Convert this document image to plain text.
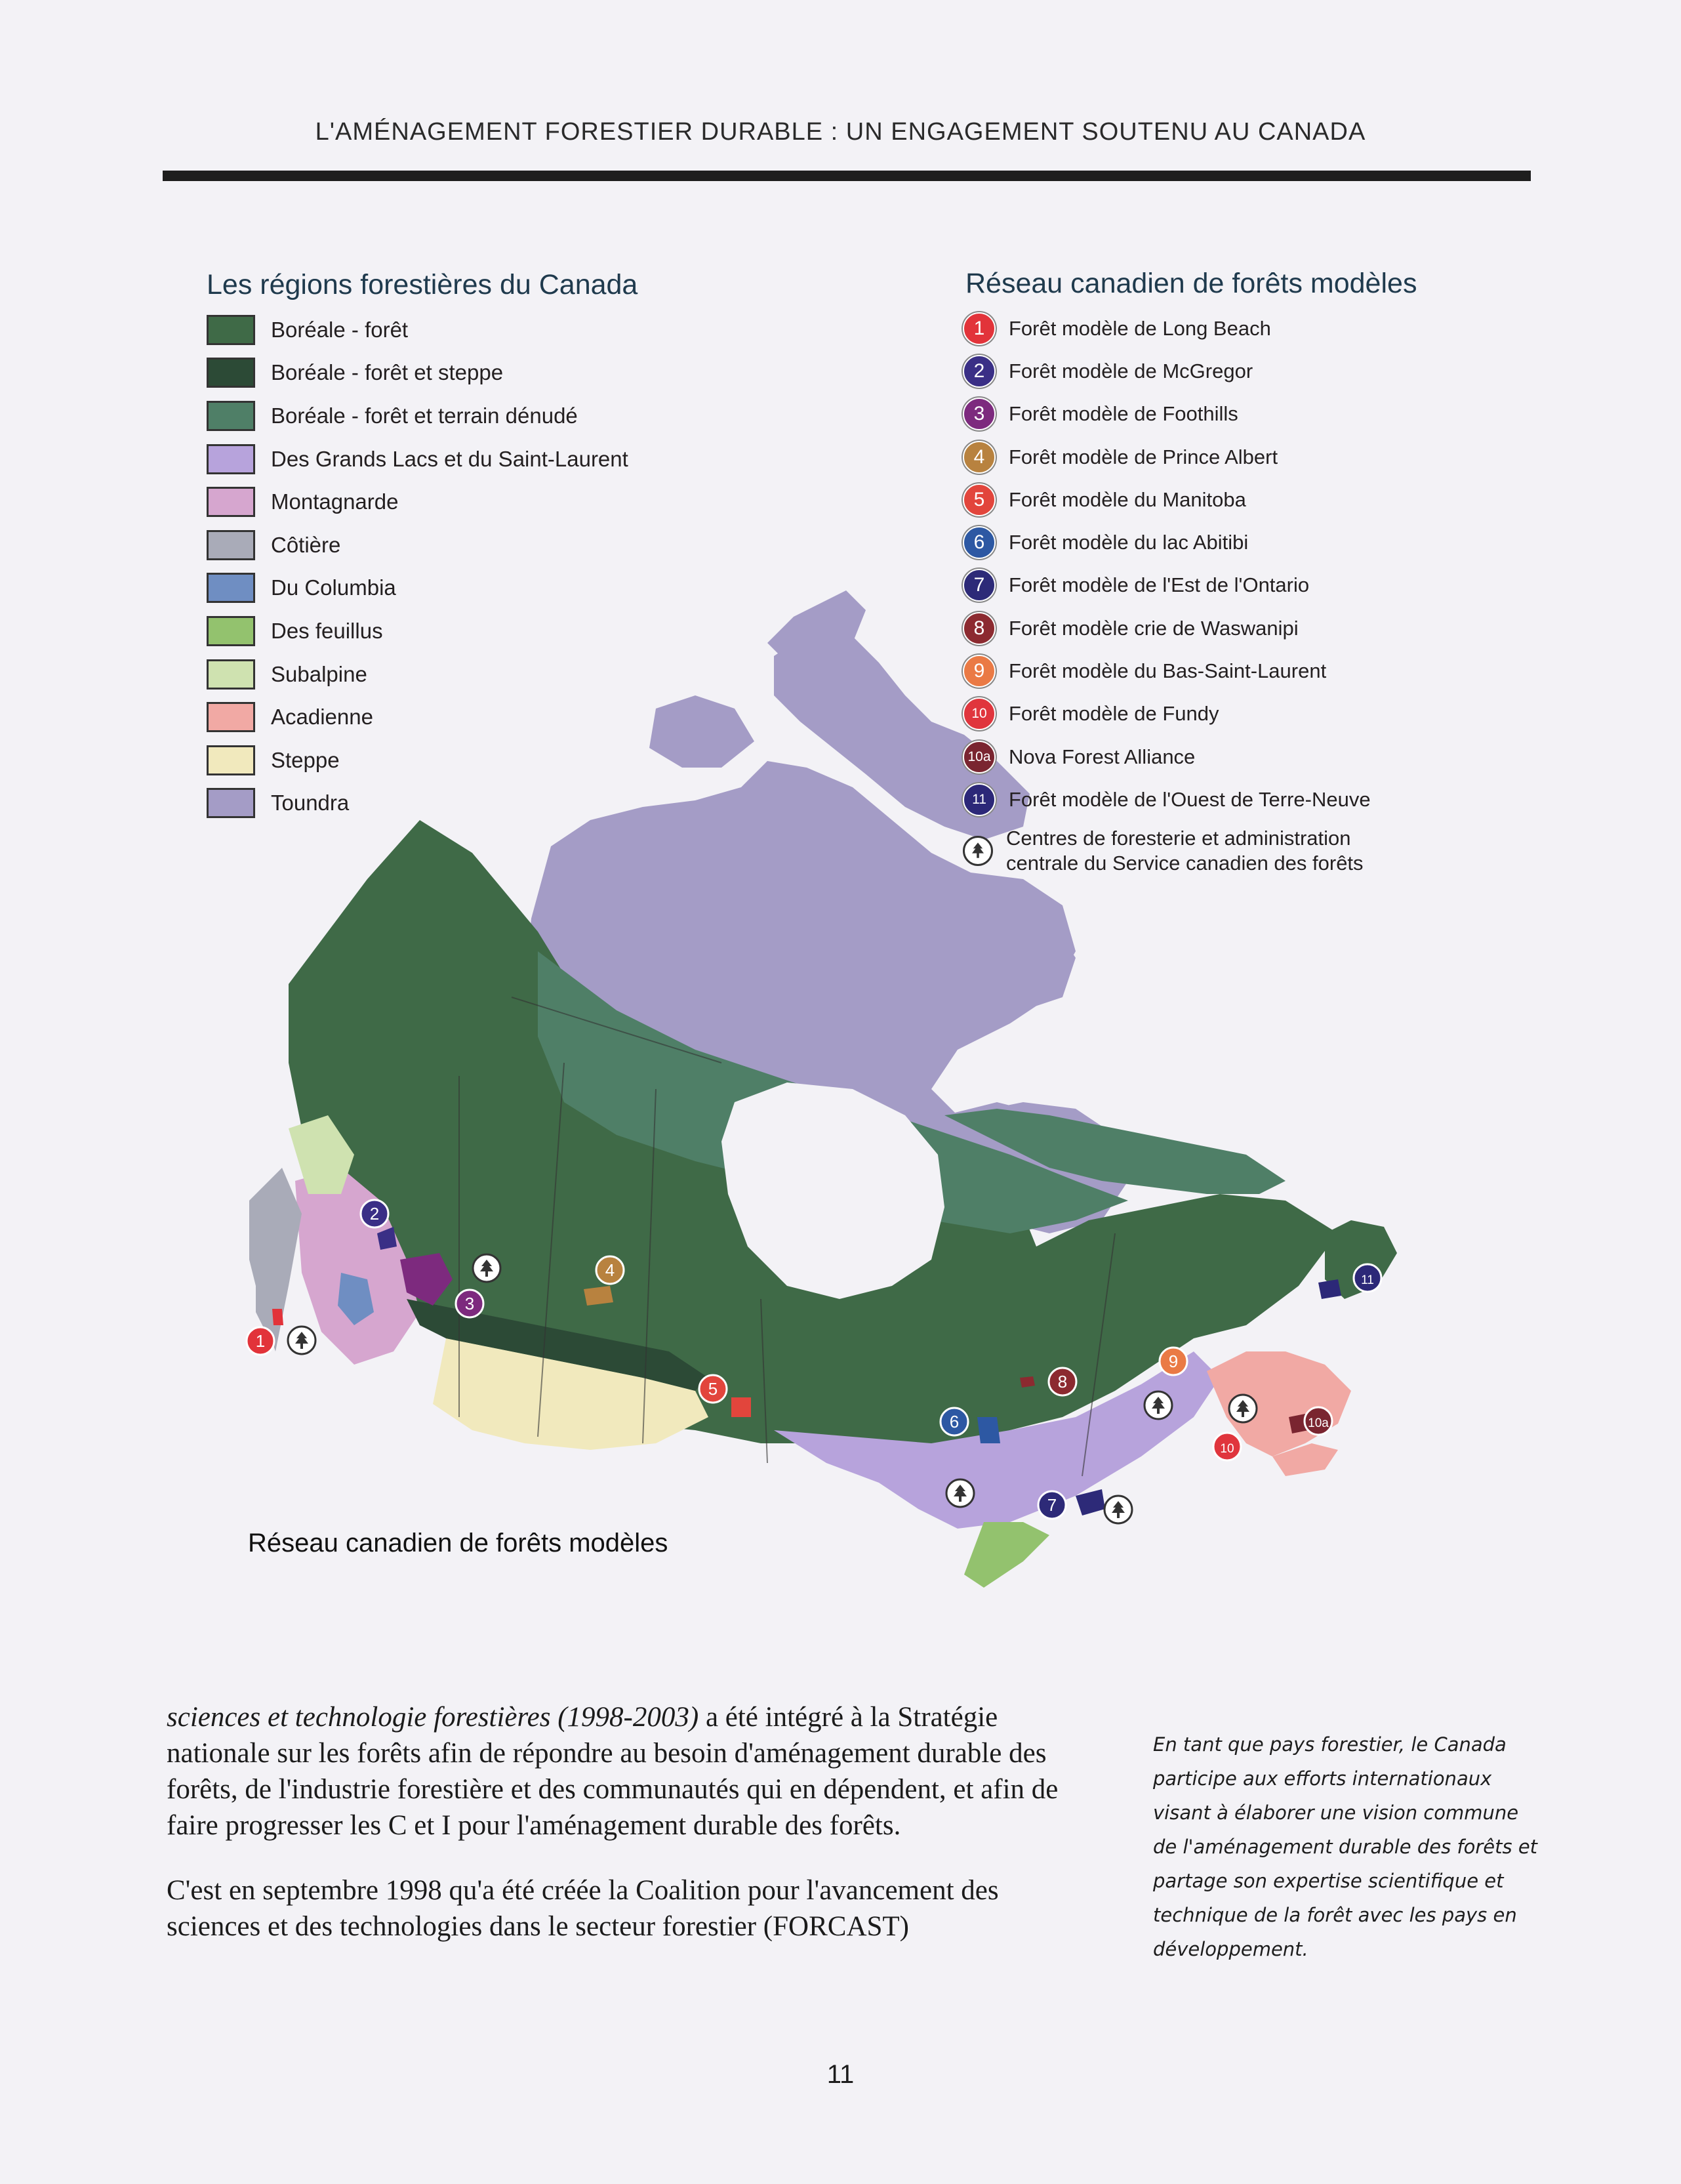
L'AMÉNAGEMENT FORESTIER DURABLE : UN ENGAGEMENT SOUTENU AU CANADA
1
2
3
4
5
6
7
8
9
10
10a
11
Les régions forestières du Canada
Boréale - forêt
Boréale - forêt et steppe
Boréale - forêt et terrain dénudé
Des Grands Lacs et du Saint-Laurent
Montagnarde
Côtière
Du Columbia
Des feuillus
Subalpine
Acadienne
Steppe
Toundra
Réseau canadien de forêts modèles
1	Forêt modèle de Long Beach
2	Forêt modèle de McGregor
3	Forêt modèle de Foothills
4	Forêt modèle de Prince Albert
5	Forêt modèle du Manitoba
6	Forêt modèle du lac Abitibi
7	Forêt modèle de l'Est de l'Ontario
8	Forêt modèle crie de Waswanipi
9	Forêt modèle du Bas-Saint-Laurent
10	Forêt modèle de Fundy
10a Nova Forest Alliance
11	Forêt modèle de l'Ouest de Terre-Neuve
Centres de foresterie et administration
centrale du Service canadien des forêts
Réseau canadien de forêts modèles

sciences et technologie forestières (1998-2003) a été intégré à la Stratégie nationale sur les forêts afin de répondre au besoin d'aménagement durable des forêts, de l'industrie forestière et des communautés qui en dépendent, et afin de faire progresser les C et I pour l'aménagement durable des forêts.

C'est en septembre 1998 qu'a été créée la Coalition pour l'avancement des sciences et des technologies dans le secteur forestier (FORCAST)

En tant que pays forestier, le Canada participe aux efforts internationaux visant à élaborer une vision commune de l'aménagement durable des forêts et partage son expertise scientifique et technique de la forêt avec les pays en développement.
11
